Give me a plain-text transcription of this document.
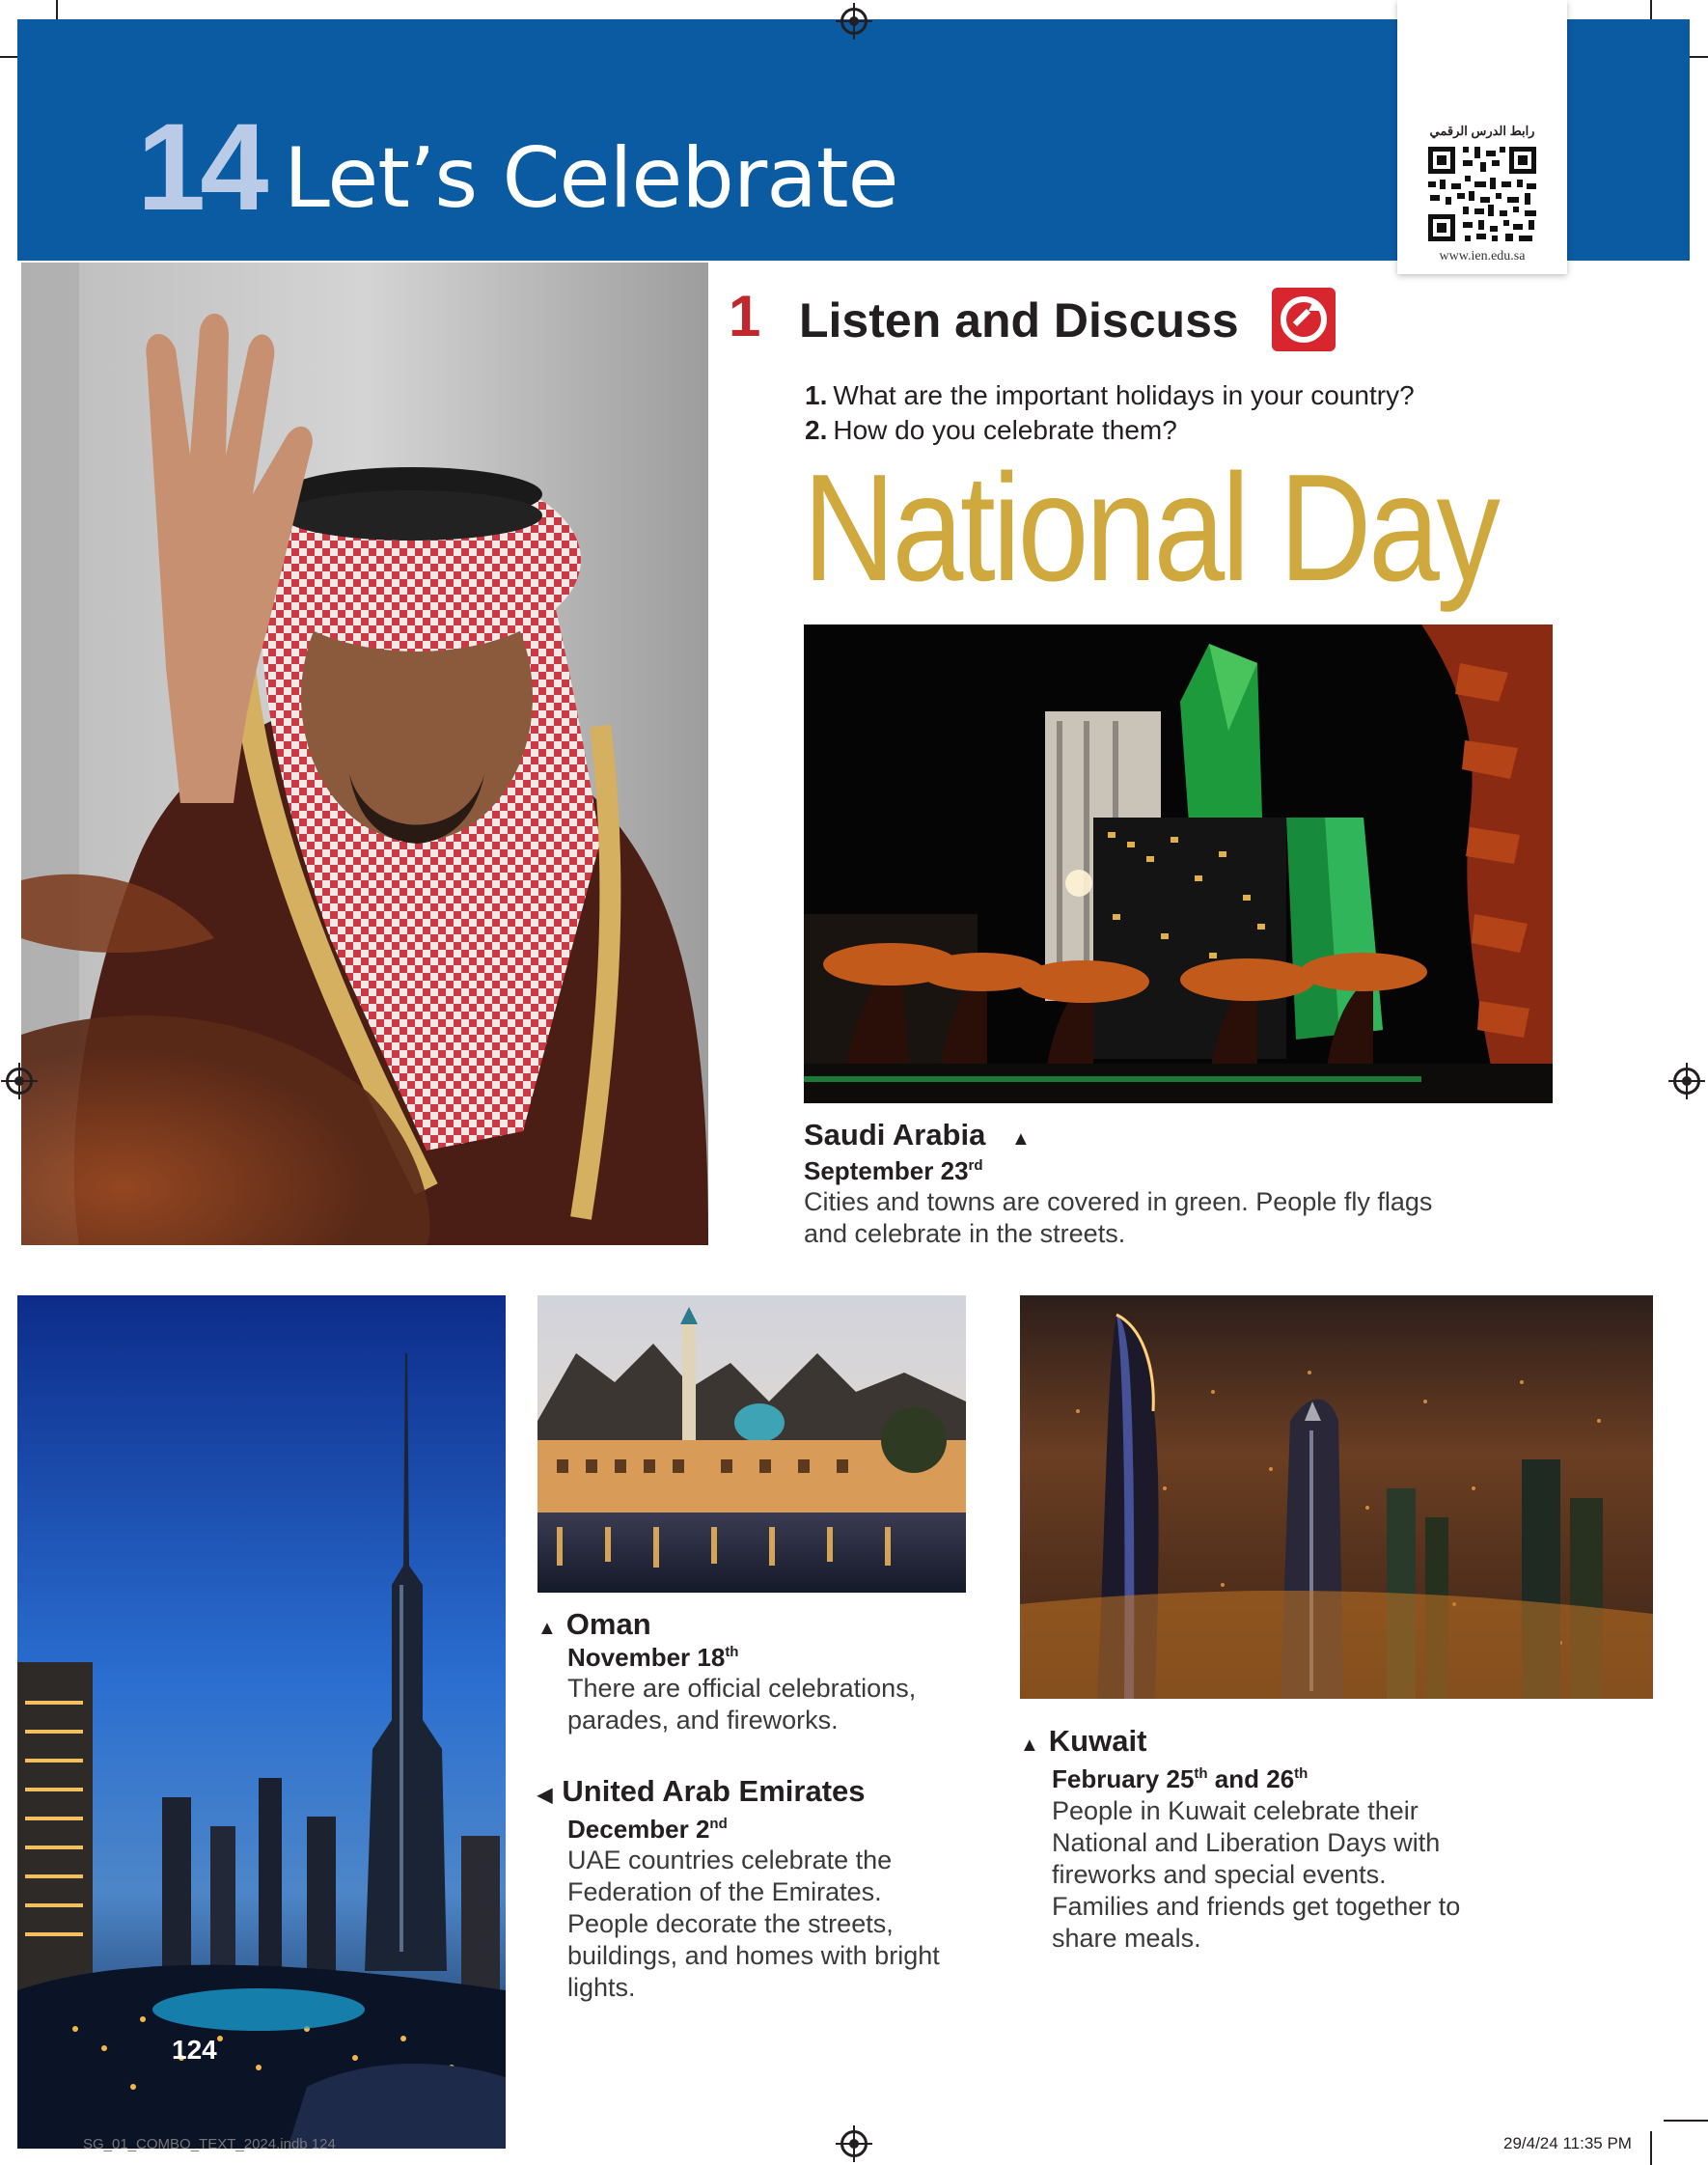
14 Let’s Celebrate	رابط الدرس الرقمي
www.ien.edu.sa
1 Listen and Discuss
1. What are the important holidays in your country?
2. How do you celebrate them?
National Day
Saudi Arabia ▲
September 23rd
Cities and towns are covered in green. People fly flags and celebrate in the streets.
124
▲ Oman
November 18th
There are official celebrations, parades, and fireworks.
◀ United Arab Emirates
December 2nd
UAE countries celebrate the Federation of the Emirates. People decorate the streets, buildings, and homes with bright lights.
▲ Kuwait
February 25th and 26th
People in Kuwait celebrate their National and Liberation Days with fireworks and special events. Families and friends get together to share meals.
SG_01_COMBO_TEXT_2024.indb 124	29/4/24 11:35 PM
